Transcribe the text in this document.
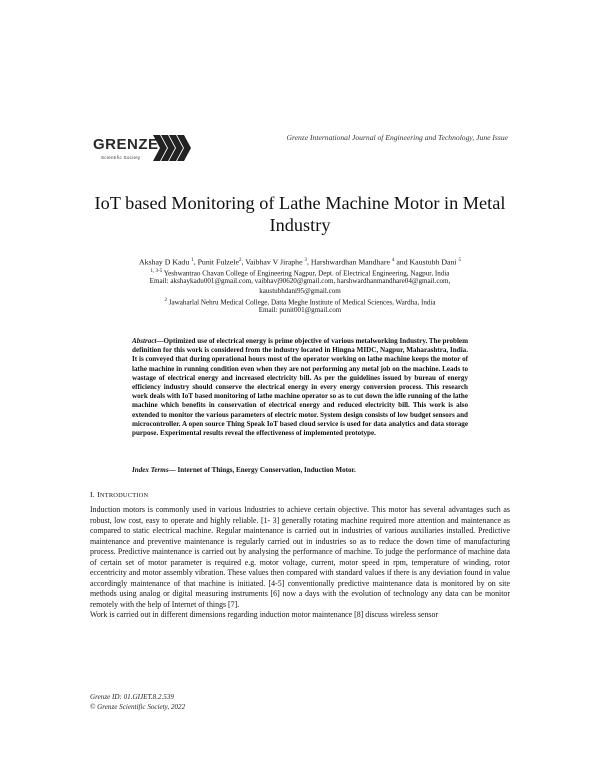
GRENZE
Scientific Society
Grenze International Journal of Engineering and Technology, June Issue
IoT based Monitoring of Lathe Machine Motor in Metal
Industry
Akshay D Kadu $^1$, Punit Fulzele$^2$, Vaibhav V Jiraphe $^3$, Harshwardhan Mandhare $^4$ and Kaustubh Dani $^5$
$^{1, 3-5}$ Yeshwantrao Chavan College of Engineering Nagpur, Dept. of Electrical Engineering, Nagpur, India
Email: akshaykadu001@gmail.com, vaibhavj90620@gmail.com, harshwardhanmandhare04@gmail.com,
kaustubhdani95@gmail.com
$^2$ Jawaharlal Nehru Medical College, Datta Meghe Institute of Medical Sciences, Wardha, India
Email: punit001@gmail.com
Abstract—Optimized use of electrical energy is prime objective of various metalworking Industry. The problem definition for this work is considered from the industry located in Hingna MIDC, Nagpur, Maharashtra, India. It is conveyed that during operational hours most of the operator working on lathe machine keeps the motor of lathe machine in running condition even when they are not performing any metal job on the machine. Leads to wastage of electrical energy and increased electricity bill. As per the guidelines issued by bureau of energy efficiency industry should conserve the electrical energy in every energy conversion process. This research work deals with IoT based monitoring of lathe machine operator so as to cut down the idle running of the lathe machine which benefits in conservation of electrical energy and reduced electricity bill. This work is also extended to monitor the various parameters of electric motor. System design consists of low budget sensors and microcontroller. A open source Thing Speak IoT based cloud service is used for data analytics and data storage purpose. Experimental results reveal the effectiveness of implemented prototype.
Index Terms— Internet of Things, Energy Conservation, Induction Motor.
I. INTRODUCTION

Induction motors is commonly used in various Industries to achieve certain objective. This motor has several advantages such as robust, low cost, easy to operate and highly reliable. [1- 3] generally rotating machine required more attention and maintenance as compared to static electrical machine. Regular maintenance is carried out in industries of various auxiliaries installed. Predictive maintenance and preventive maintenance is regularly carried out in industries so as to reduce the down time of manufacturing process. Predictive maintenance is carried out by analysing the performance of machine. To judge the performance of machine data of certain set of motor parameter is required e.g. motor voltage, current, motor speed in rpm, temperature of winding, rotor eccentricity and motor assembly vibration. These values then compared with standard values if there is any deviation found in value accordingly maintenance of that machine is initiated. [4-5] conventionally predictive maintenance data is monitored by on site methods using analog or digital measuring instruments [6] now a days with the evolution of technology any data can be monitor remotely with the help of Internet of things [7].

Work is carried out in different dimensions regarding induction motor maintenance [8] discuss wireless sensor

Grenze ID: 01.GIJET.8.2.539
© Grenze Scientific Society, 2022
